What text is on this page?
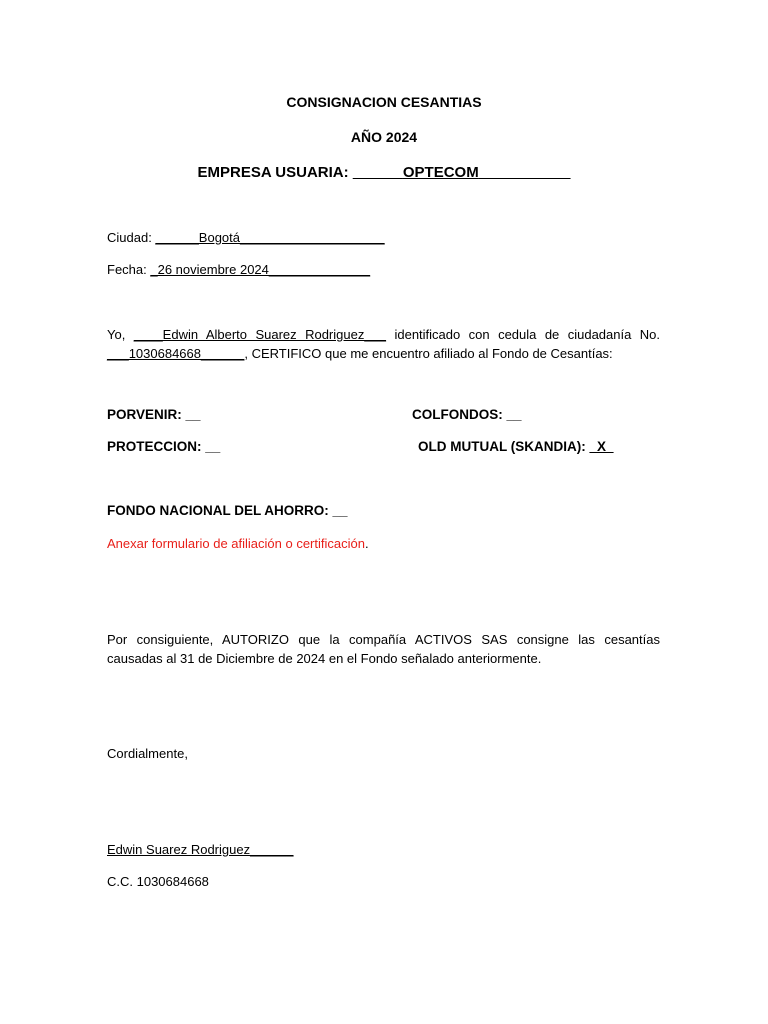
CONSIGNACION CESANTIAS
AÑO 2024
EMPRESA USUARIA: ______OPTECOM___________
Ciudad: ______Bogotá____________________
Fecha: _26 noviembre 2024______________
Yo, ____Edwin Alberto Suarez Rodriguez___ identificado con cedula de ciudadanía No. ___1030684668______, CERTIFICO que me encuentro afiliado al Fondo de Cesantías:
PORVENIR: __	COLFONDOS: __
PROTECCION: __	OLD MUTUAL (SKANDIA): _X_
FONDO NACIONAL DEL AHORRO: __
Anexar formulario de afiliación o certificación.
Por consiguiente, AUTORIZO que la compañía ACTIVOS SAS consigne las cesantías causadas al 31 de Diciembre de 2024 en el Fondo señalado anteriormente.
Cordialmente,
Edwin Suarez Rodriguez______
C.C. 1030684668
